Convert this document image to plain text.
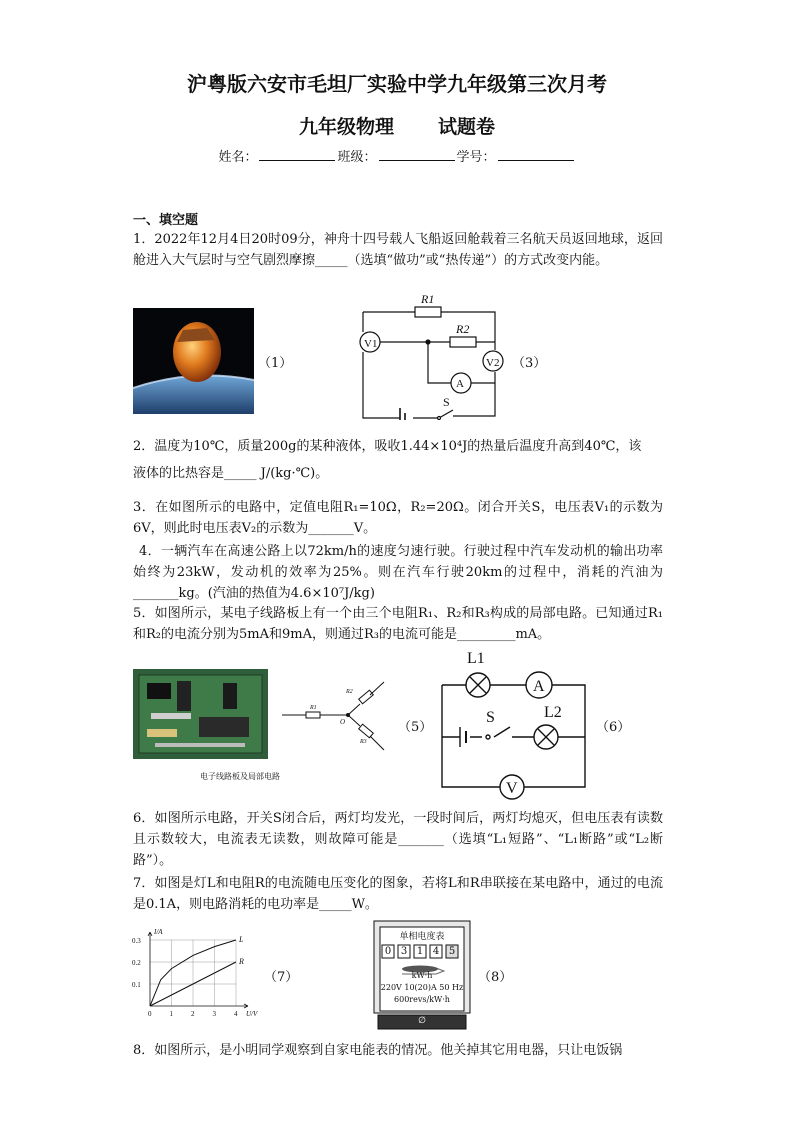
沪粤版六安市毛坦厂实验中学九年级第三次月考
九年级物理 试题卷
姓名：	班级：	学号：
一、填空题
1．2022年12月4日20时09分，神舟十四号载人飞船返回舱载着三名航天员返回地球，返回舱进入大气层时与空气剧烈摩擦_____（选填“做功”或“热传递”）的方式改变内能。
（1）
R1
V1
R2
A
V2
S
（3）
2．温度为10℃，质量200g的某种液体，吸收1.44×10⁴J的热量后温度升高到40℃，该
液体的比热容是_____ J/(kg·℃)。
3．在如图所示的电路中，定值电阻R₁=10Ω，R₂=20Ω。闭合开关S，电压表V₁的示数为6V，则此时电压表V₂的示数为_______V。
4．一辆汽车在高速公路上以72km/h的速度匀速行驶。行驶过程中汽车发动机的输出功率始终为23kW，发动机的效率为25%。则在汽车行驶20km的过程中，消耗的汽油为_______kg。(汽油的热值为4.6×10⁷J/kg)
5．如图所示，某电子线路板上有一个由三个电阻R₁、R₂和R₃构成的局部电路。已知通过R₁和R₂的电流分别为5mA和9mA，则通过R₃的电流可能是_________mA。
电子线路板及局部电路
R1
R2
R3
O	（5）
L1
A
S	L2
V
（6）
6．如图所示电路，开关S闭合后，两灯均发光，一段时间后，两灯均熄灭，但电压表有读数且示数较大，电流表无读数，则故障可能是_______（选填“L₁短路”、“L₁断路”或“L₂断路”）。
7．如图是灯L和电阻R的电流随电压变化的图象，若将L和R串联接在某电路中，通过的电流是0.1A，则电路消耗的电功率是_____W。
0.3
0.2
0.1
0	1	2	3	4
I/A
U/V
L
R
（7）
单相电度表
0 3 1 4 5
kW·h
220V 10(20)A 50 Hz
600revs/kW·h
∅
（8）
8．如图所示，是小明同学观察到自家电能表的情况。他关掉其它用电器，只让电饭锅
